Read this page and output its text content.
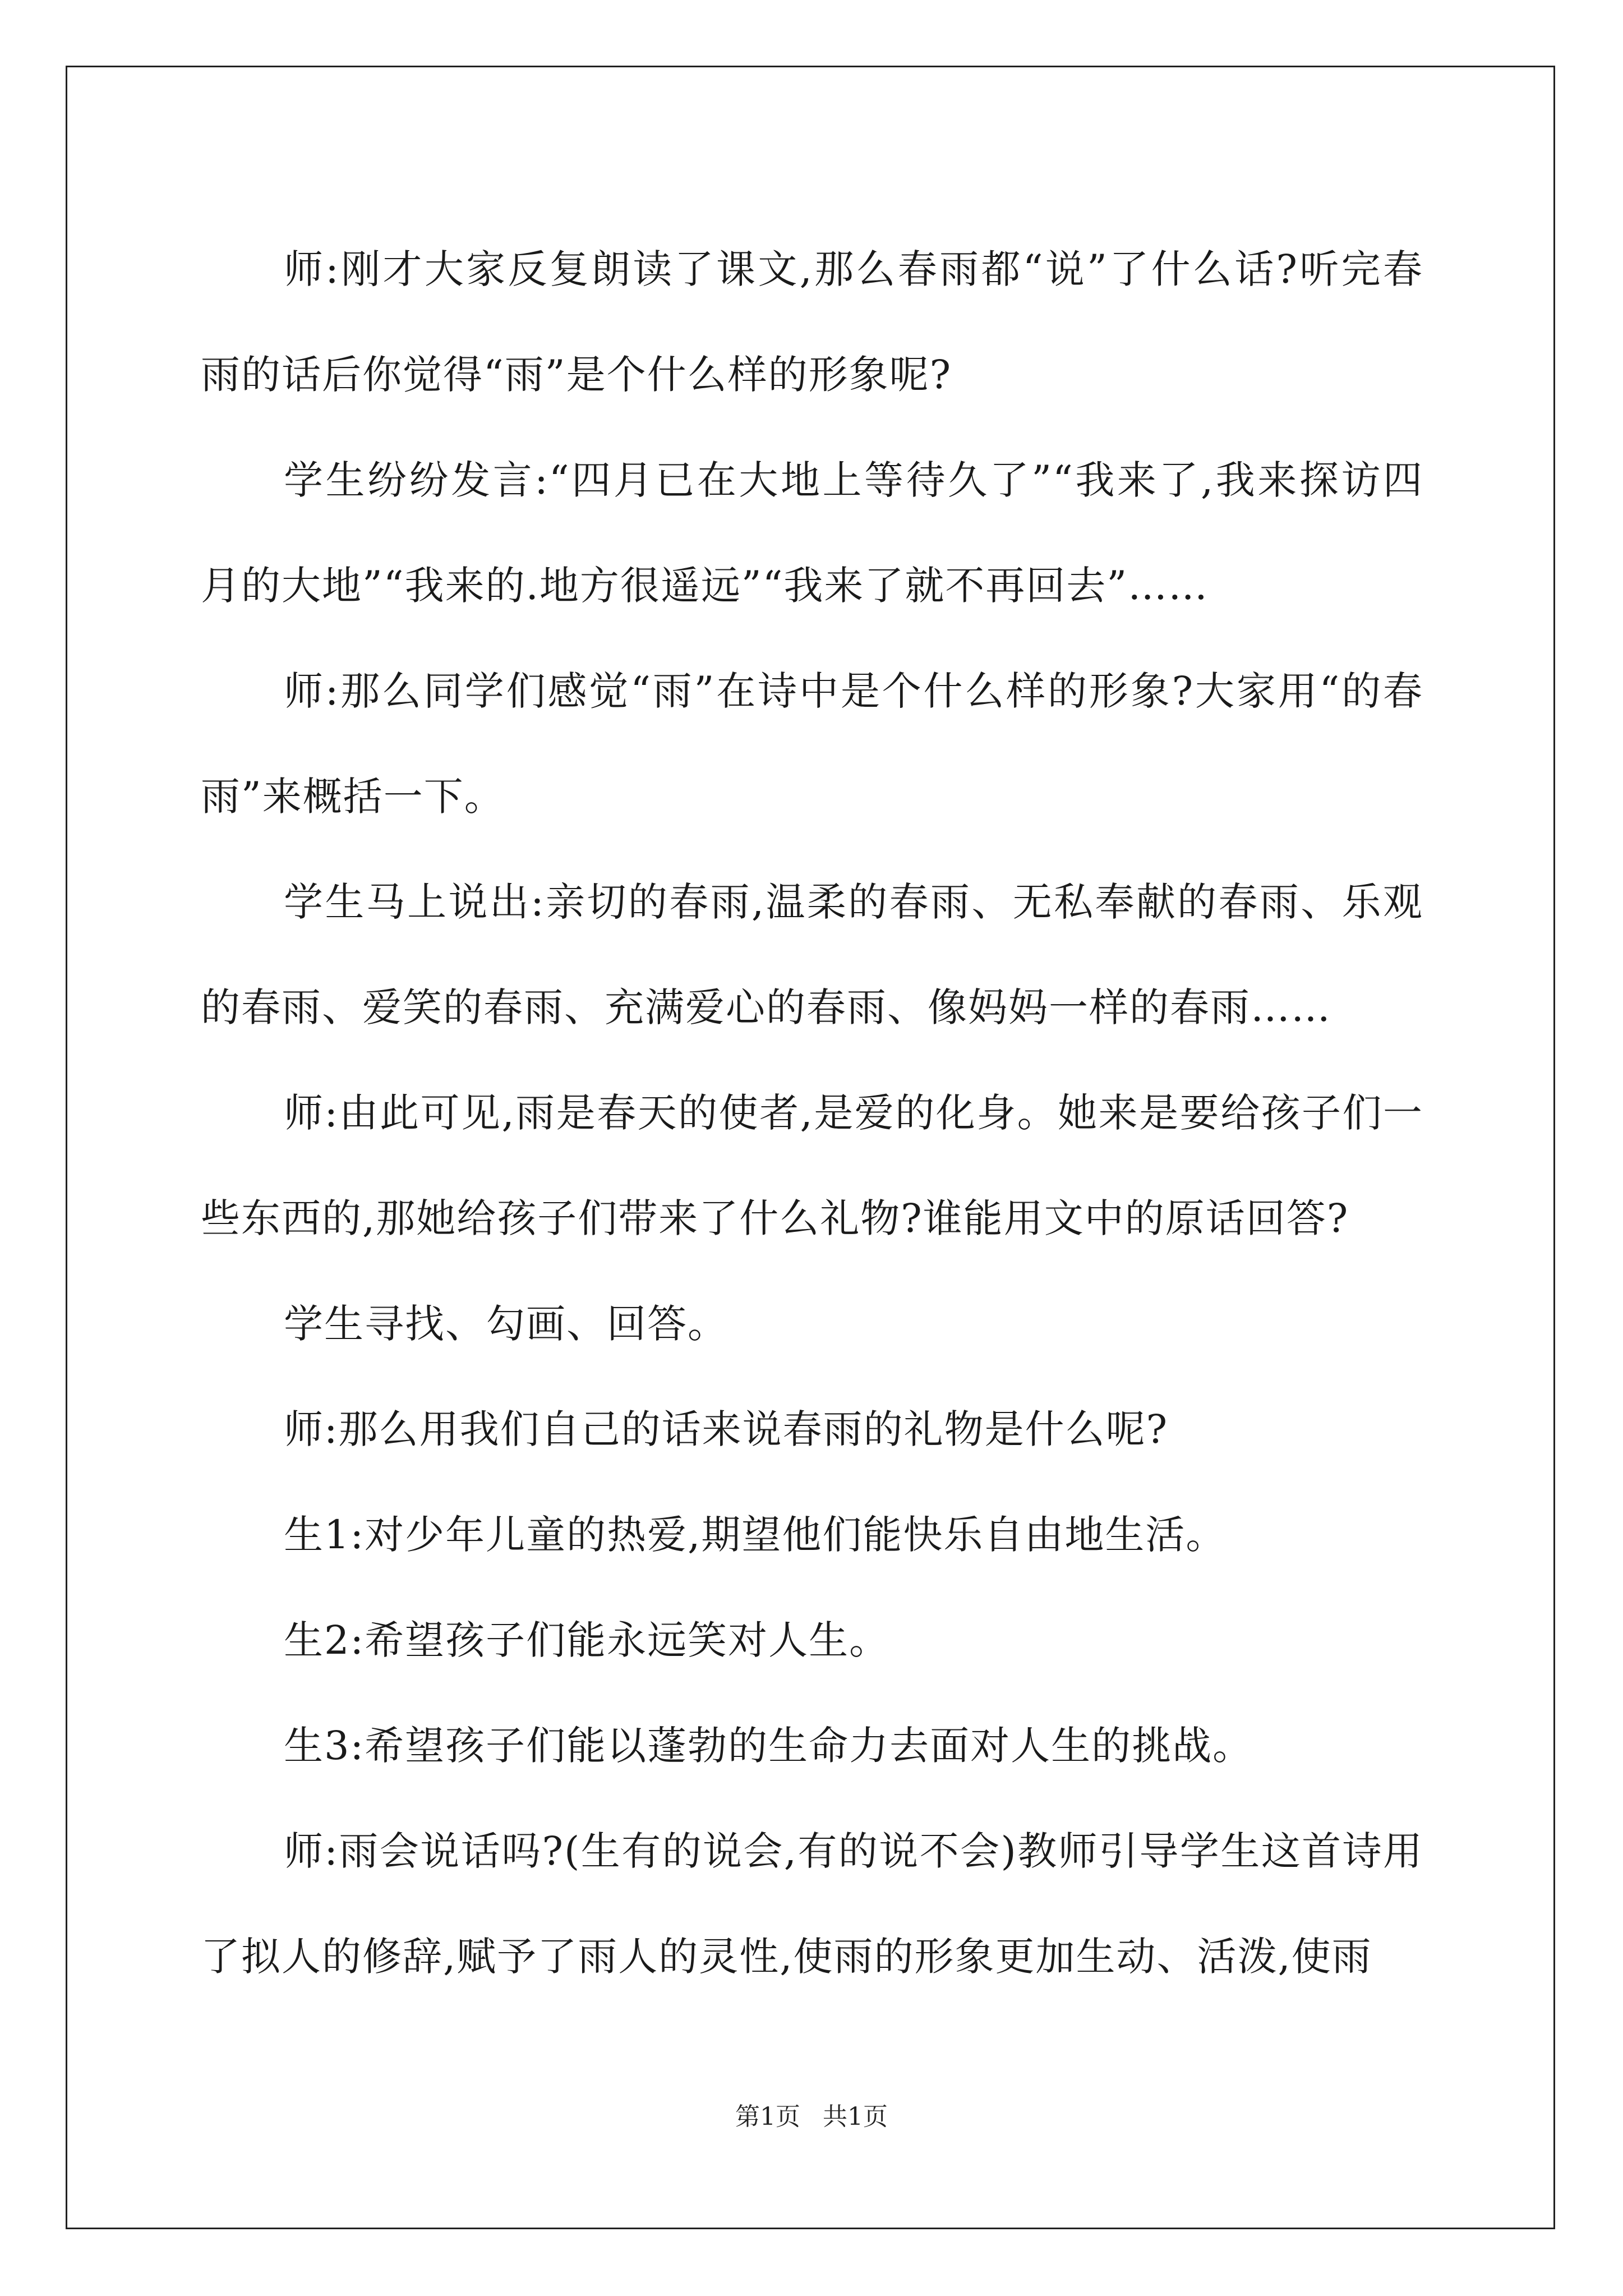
师:刚才大家反复朗读了课文,那么春雨都“说”了什么话?听完春雨的话后你觉得“雨”是个什么样的形象呢?

学生纷纷发言:“四月已在大地上等待久了”“我来了,我来探访四月的大地”“我来的.地方很遥远”“我来了就不再回去”……

师:那么同学们感觉“雨”在诗中是个什么样的形象?大家用“的春雨”来概括一下。

学生马上说出:亲切的春雨,温柔的春雨、无私奉献的春雨、乐观的春雨、爱笑的春雨、充满爱心的春雨、像妈妈一样的春雨……

师:由此可见,雨是春天的使者,是爱的化身。她来是要给孩子们一些东西的,那她给孩子们带来了什么礼物?谁能用文中的原话回答?

学生寻找、勾画、回答。

师:那么用我们自己的话来说春雨的礼物是什么呢?

生1:对少年儿童的热爱,期望他们能快乐自由地生活。

生2:希望孩子们能永远笑对人生。

生3:希望孩子们能以蓬勃的生命力去面对人生的挑战。

师:雨会说话吗?(生有的说会,有的说不会)教师引导学生这首诗用了拟人的修辞,赋予了雨人的灵性,使雨的形象更加生动、活泼,使雨

第1页 共1页
